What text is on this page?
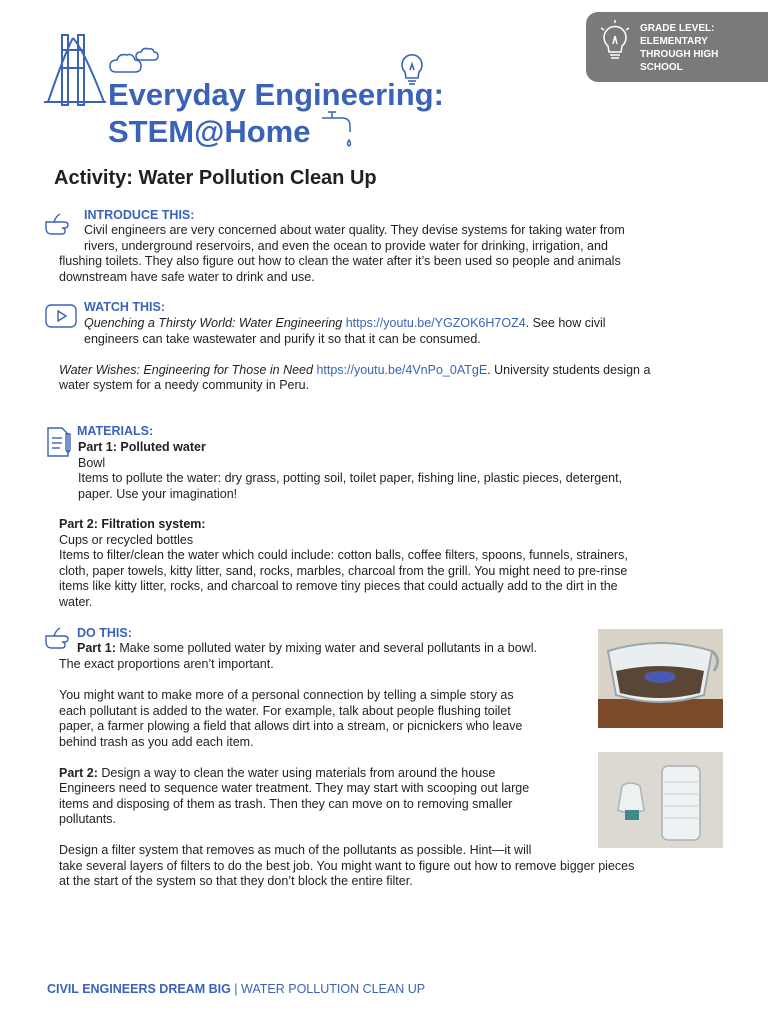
Everyday Engineering:
STEM@Home
GRADE LEVEL: ELEMENTARY THROUGH HIGH SCHOOL
Activity: Water Pollution Clean Up
INTRODUCE THIS:
Civil engineers are very concerned about water quality. They devise systems for taking water from
rivers, underground reservoirs, and even the ocean to provide water for drinking, irrigation, and
flushing toilets. They also figure out how to clean the water after it’s been used so people and animals
downstream have safe water to drink and use.
WATCH THIS:
Quenching a Thirsty World: Water Engineering https://youtu.be/YGZOK6H7OZ4. See how civil
engineers can take wastewater and purify it so that it can be consumed.
Water Wishes: Engineering for Those in Need https://youtu.be/4VnPo_0ATgE. University students design a
water system for a needy community in Peru.
MATERIALS:
Part 1: Polluted water
Bowl
Items to pollute the water: dry grass, potting soil, toilet paper, fishing line, plastic pieces, detergent,
paper. Use your imagination!
Part 2: Filtration system:
Cups or recycled bottles
Items to filter/clean the water which could include: cotton balls, coffee filters, spoons, funnels, strainers,
cloth, paper towels, kitty litter, sand, rocks, marbles, charcoal from the grill. You might need to pre-rinse
items like kitty litter, rocks, and charcoal to remove tiny pieces that could actually add to the dirt in the
water.
DO THIS:
Part 1: Make some polluted water by mixing water and several pollutants in a bowl.
The exact proportions aren’t important.
You might want to make more of a personal connection by telling a simple story as
each pollutant is added to the water. For example, talk about people flushing toilet
paper, a farmer plowing a field that allows dirt into a stream, or picnickers who leave
behind trash as you add each item.
Part 2: Design a way to clean the water using materials from around the house
Engineers need to sequence water treatment. They may start with scooping out large
items and disposing of them as trash. Then they can move on to removing smaller
pollutants.
Design a filter system that removes as much of the pollutants as possible. Hint—it will
take several layers of filters to do the best job. You might want to figure out how to remove bigger pieces
at the start of the system so that they don’t block the entire filter.
CIVIL ENGINEERS DREAM BIG | WATER POLLUTION CLEAN UP
